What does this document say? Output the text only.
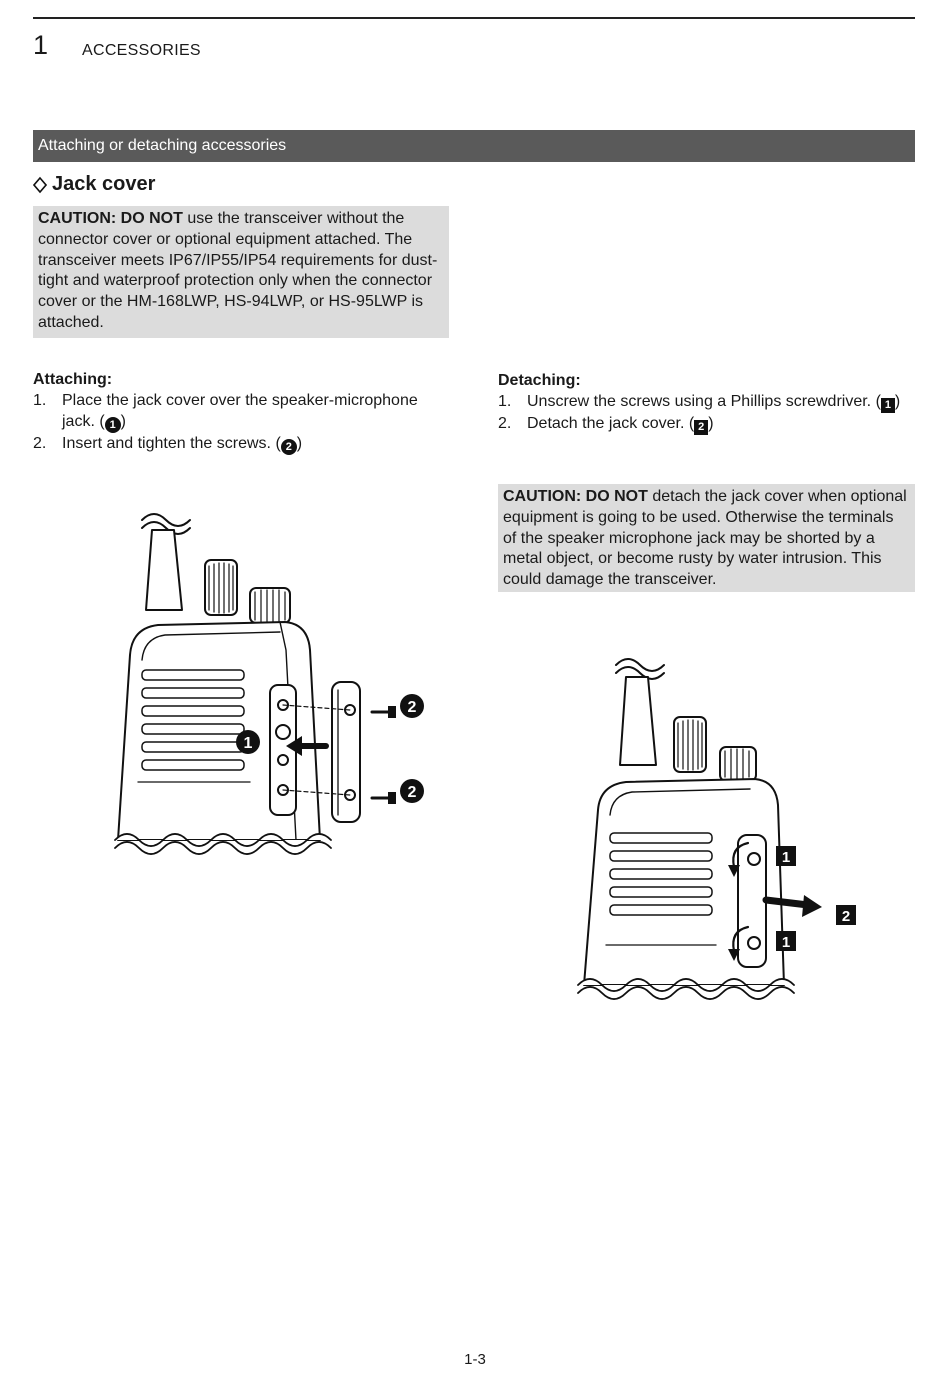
1 ACCESSORIES
Attaching or detaching accessories
Jack cover
CAUTION: DO NOT use the transceiver without the connector cover or optional equipment attached. The transceiver meets IP67/IP55/IP54 requirements for dust-tight and waterproof protection only when the connector cover or the HM-168LWP, HS-94LWP, or HS-95LWP is attached.
Attaching:
1. Place the jack cover over the speaker-microphone jack. ( 1 )
2. Insert and tighten the screws. ( 2 )
Detaching:
1. Unscrew the screws using a Phillips screwdriver. ( 1 )
2. Detach the jack cover. ( 2 )
CAUTION: DO NOT detach the jack cover when optional equipment is going to be used. Otherwise the terminals of the speaker microphone jack may be shorted by a metal object, or become rusty by water intrusion. This could damage the transceiver.
1
2
2
1
2
1
1-3
